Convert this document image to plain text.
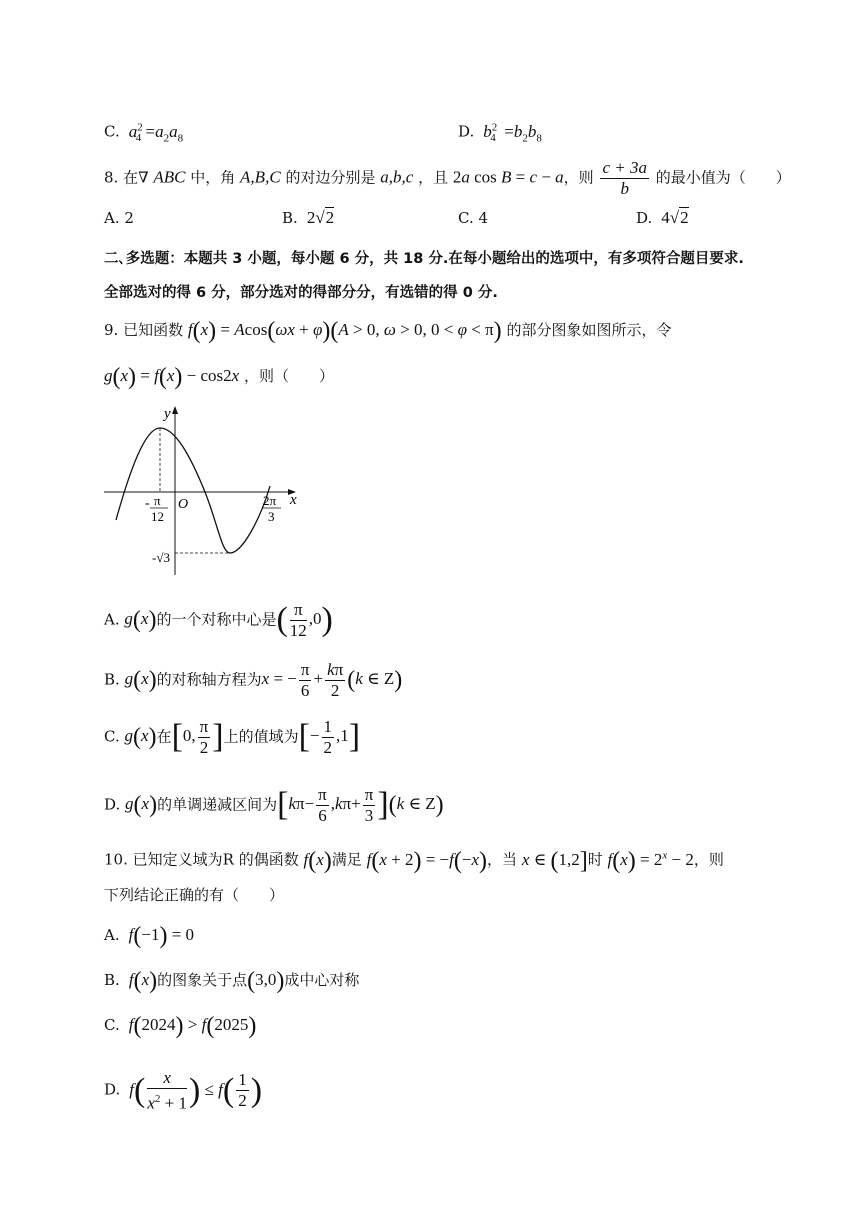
C. $a^2_4 =a_2a_8$	D. $b^2_4 =b_2b_8$
8. 在∇ ABC 中，角 A,B,C 的对边分别是 a,b,c ，且 2a cos B = c − a，则 $\frac{c + 3a}{b}$ 的最小值为（　　）
A. 2	B.  2√2	C. 4	D.  4√2
二､多选题：本题共 3 小题，每小题 6 分，共 18 分.在每小题给出的选项中，有多项符合题目要求.
全部选对的得 6 分，部分选对的得部分分，有选错的得 0 分.
9. 已知函数 f(x) = Acos(ωx + φ)(A > 0, ω > 0, 0 < φ < π) 的部分图象如图所示，令
g(x) = f(x) − cos2x ，则（　　）
y
x
O
- π
12
2π
3
-√3
A. g(x)的一个对称中心是( $\frac{\pi}{12} ,0$)
B. g(x)的对称轴方程为x = − $\frac{\pi}{6} + \frac{k\pi}{2} (k$ ∈ Z)
C. g(x)在[0, $\frac{\pi}{2}$ ]上的值域为[− $\frac{1}{2} ,1$]
D. g(x)的单调递减区间为$[k\pi- \frac{\pi}{6} ,k\pi+ \frac{\pi}{3} ](k$ ∈ Z)
10. 已知定义域为R 的偶函数 f(x)满足 f(x + 2) = −f(−x)，当 x ∈ (1,2]时 $f(x) = 2^x - 2$，则
下列结论正确的有（　　）
A. f(−1) = 0
B. f(x)的图象关于点(3,0)成中心对称
C. f(2024) > f(2025)
D. $f( \frac{x}{x^2 + 1}$ ) ≤ $f( \frac{1}{2}$ )
